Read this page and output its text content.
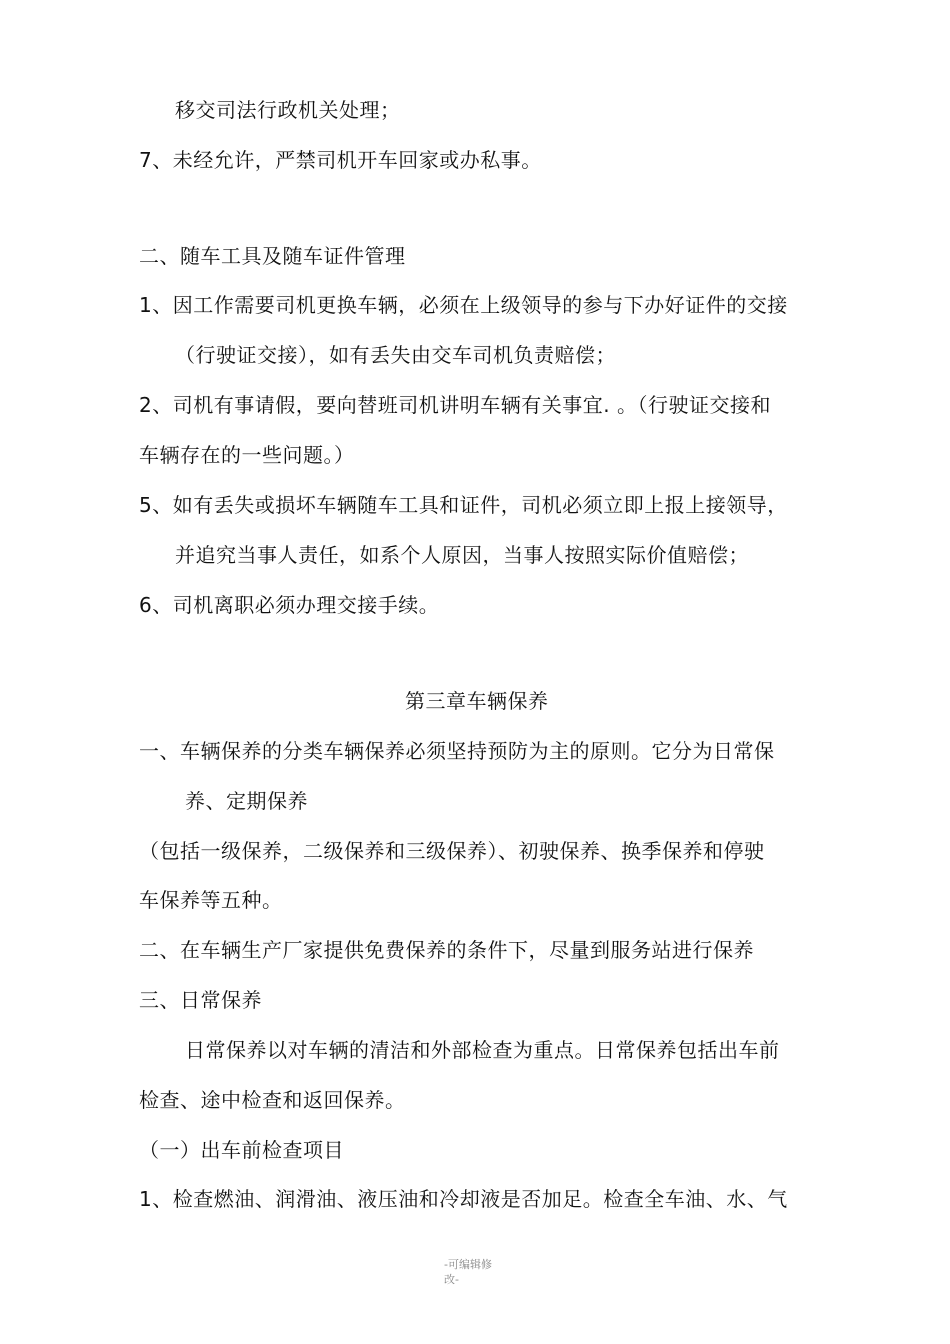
移交司法行政机关处理；
7、未经允许，严禁司机开车回家或办私事。
二、随车工具及随车证件管理
1、因工作需要司机更换车辆，必须在上级领导的参与下办好证件的交接
（行驶证交接），如有丢失由交车司机负责赔偿；
2、司机有事请假，要向替班司机讲明车辆有关事宜. 。（行驶证交接和
车辆存在的一些问题。）
5、如有丢失或损坏车辆随车工具和证件，司机必须立即上报上接领导，
并追究当事人责任，如系个人原因，当事人按照实际价值赔偿；
6、司机离职必须办理交接手续。
第三章车辆保养
一、车辆保养的分类车辆保养必须坚持预防为主的原则。它分为日常保
养、定期保养
（包括一级保养，二级保养和三级保养）、初驶保养、换季保养和停驶
车保养等五种。
二、在车辆生产厂家提供免费保养的条件下，尽量到服务站进行保养
三、日常保养
日常保养以对车辆的清洁和外部检查为重点。日常保养包括出车前
检查、途中检查和返回保养。
（一）出车前检查项目
1、检查燃油、润滑油、液压油和冷却液是否加足。检查全车油、水、气
-可编辑修
改-
